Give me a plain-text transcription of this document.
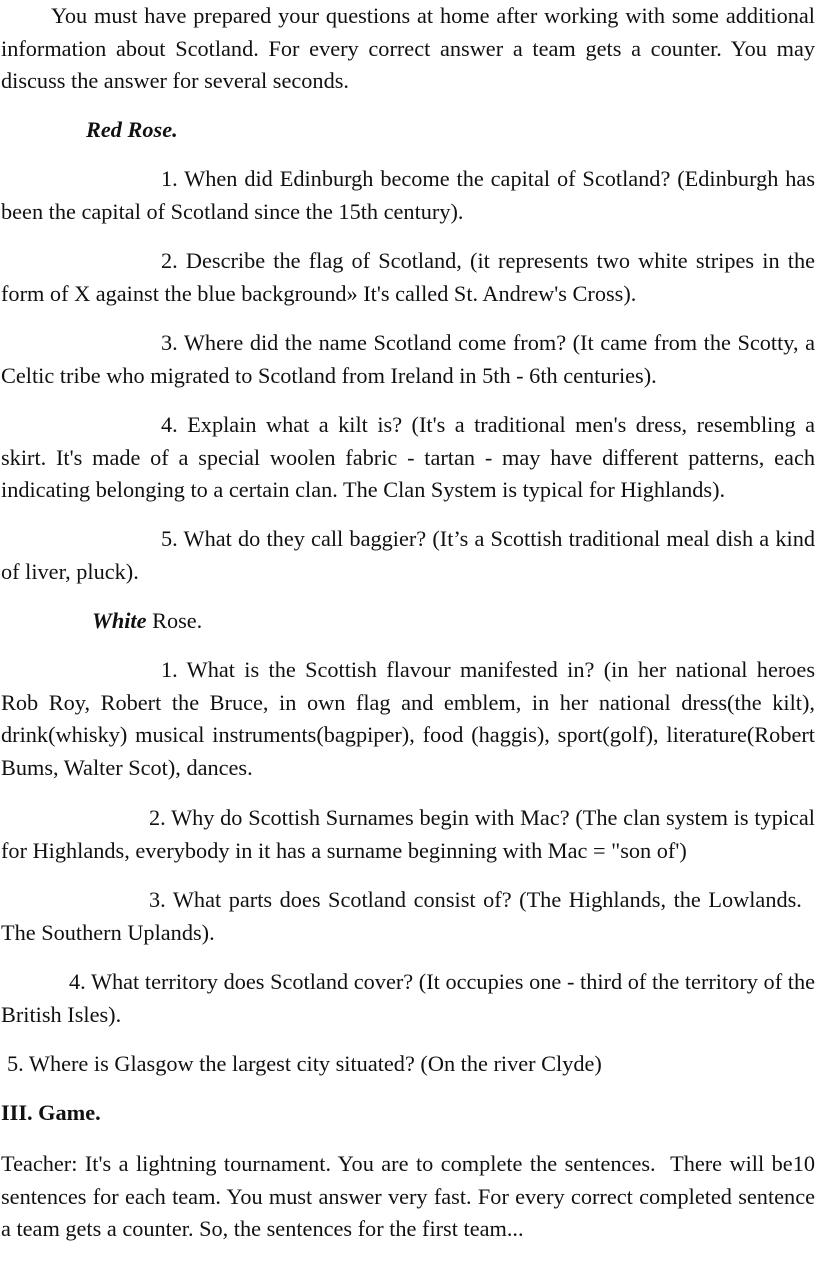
You must have prepared your questions at home after working with some additional information about Scotland. For every correct answer a team gets a counter. You may discuss the answer for several seconds.

Red Rose.

1. When did Edinburgh become the capital of Scotland? (Edinburgh has been the capital of Scotland since the 15th century).

2. Describe the flag of Scotland, (it represents two white stripes in the form of X against the blue background» It's called St. Andrew's Cross).

3. Where did the name Scotland come from? (It came from the Scotty, a Celtic tribe who migrated to Scotland from Ireland in 5th - 6th centuries).

4. Explain what a kilt is? (It's a traditional men's dress, resembling a skirt. It's made of a special woolen fabric - tartan - may have different patterns, each indicating belonging to a certain clan. The Clan System is typical for Highlands).

5. What do they call baggier? (It’s a Scottish traditional meal dish a kind of liver, pluck).

White Rose.

1. What is the Scottish flavour manifested in? (in her national heroes Rob Roy, Robert the Bruce, in own flag and emblem, in her national dress(the kilt), drink(whisky) musical instruments(bagpiper), food (haggis), sport(golf), literature(Robert Bums, Walter Scot), dances.

2. Why do Scottish Surnames begin with Mac? (The clan system is typical for Highlands, everybody in it has a surname beginning with Mac = "son of')

3. What parts does Scotland consist of? (The Highlands, the Lowlands.   The Southern Uplands).

4. What territory does Scotland cover? (It occupies one - third of the territory of the British Isles).

5. Where is Glasgow the largest city situated? (On the river Clyde)

III. Game.

Teacher: It's a lightning tournament. You are to complete the sentences.  There will be10 sentences for each team. You must answer very fast. For every correct completed sentence a team gets a counter. So, the sentences for the first team...
